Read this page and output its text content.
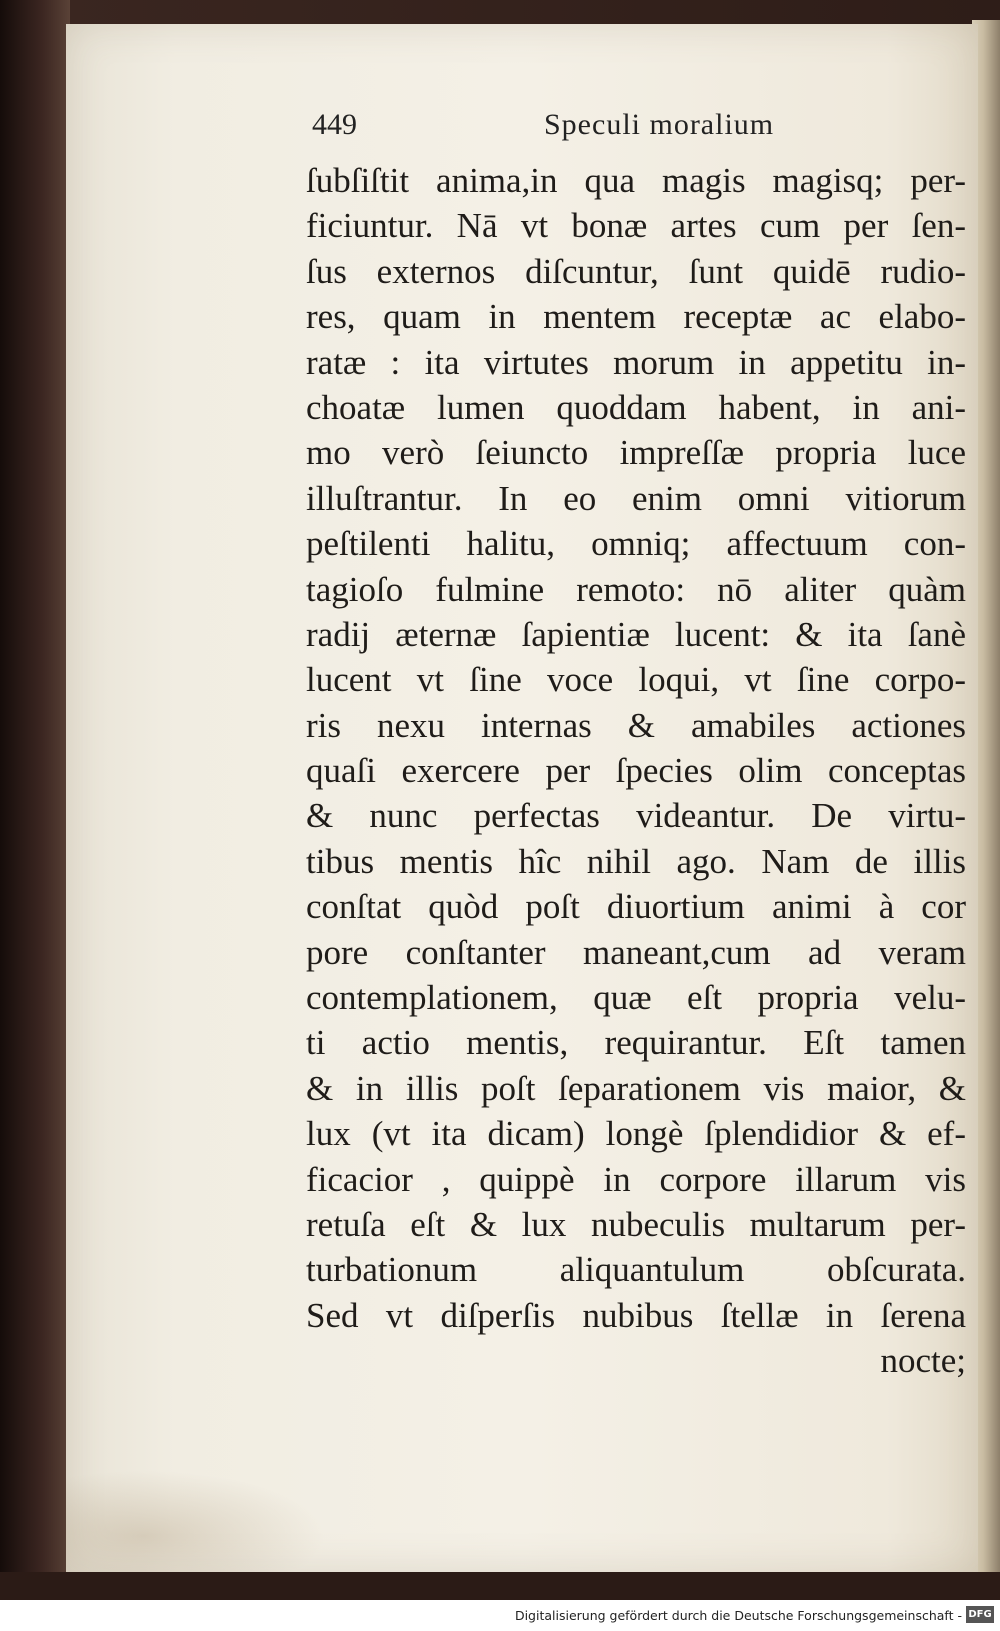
449	Speculi moralium
ſubſiſtit anima,in qua magis magisq; per-
ficiuntur. Nā vt bonæ artes cum per ſen-
ſus externos diſcuntur, ſunt quidē rudio-
res, quam in mentem receptæ ac elabo-
ratæ : ita virtutes morum in appetitu in-
choatæ lumen quoddam habent, in ani-
mo verò ſeiuncto impreſſæ propria luce
illuſtrantur. In eo enim omni vitiorum
peſtilenti halitu, omniq; affectuum con-
tagioſo fulmine remoto: nō aliter quàm
radij æternæ ſapientiæ lucent: & ita ſanè
lucent vt ſine voce loqui, vt ſine corpo-
ris nexu internas & amabiles actiones
quaſi exercere per ſpecies olim conceptas
& nunc perfectas videantur. De virtu-
tibus mentis hîc nihil ago. Nam de illis
conſtat quòd poſt diuortium animi à cor
pore conſtanter maneant,cum ad veram
contemplationem, quæ eſt propria velu-
ti actio mentis, requirantur. Eſt tamen
& in illis poſt ſeparationem vis maior, &
lux (vt ita dicam) longè ſplendidior & ef-
ficacior , quippè in corpore illarum vis
retuſa eſt & lux nubeculis multarum per-
turbationum aliquantulum obſcurata.
Sed vt diſperſis nubibus ſtellæ in ſerena
nocte;
Digitalisierung gefördert durch die Deutsche Forschungsgemeinschaft - DFG
